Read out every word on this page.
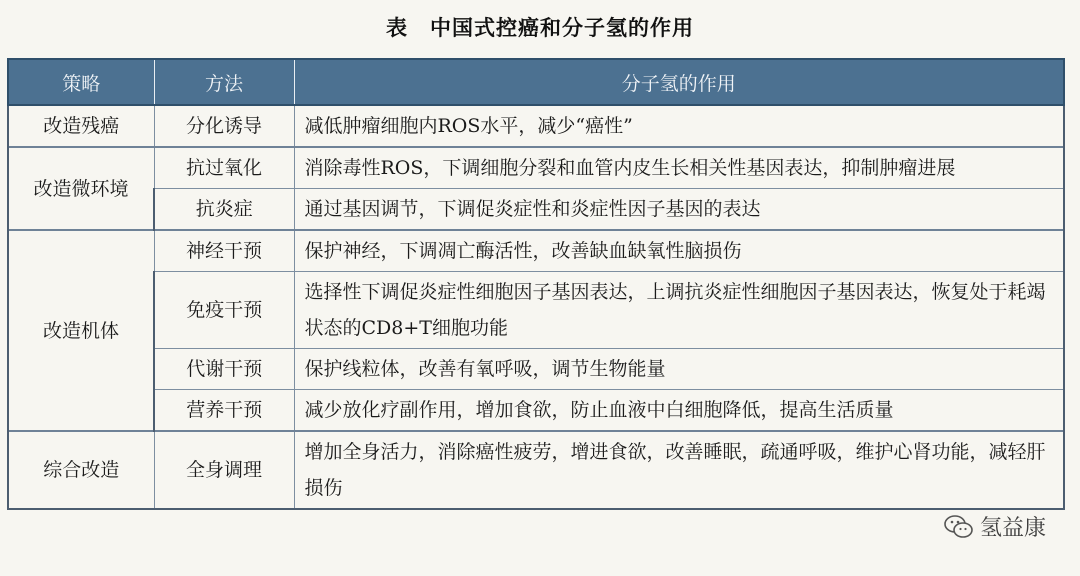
表 中国式控癌和分子氢的作用
策略	方法	分子氢的作用
改造残癌	分化诱导	减低肿瘤细胞内ROS水平，减少“癌性”
改造微环境	抗过氧化	消除毒性ROS，下调细胞分裂和血管内皮生长相关性基因表达，抑制肿瘤进展
	抗炎症	通过基因调节，下调促炎症性和炎症性因子基因的表达
改造机体	神经干预	保护神经，下调凋亡酶活性，改善缺血缺氧性脑损伤
	免疫干预	选择性下调促炎症性细胞因子基因表达，上调抗炎症性细胞因子基因表达，恢复处于耗竭状态的CD8+T细胞功能
	代谢干预	保护线粒体，改善有氧呼吸，调节生物能量
	营养干预	减少放化疗副作用，增加食欲，防止血液中白细胞降低，提高生活质量
综合改造	全身调理	增加全身活力，消除癌性疲劳，增进食欲，改善睡眠，疏通呼吸，维护心肾功能，减轻肝损伤
氢益康
